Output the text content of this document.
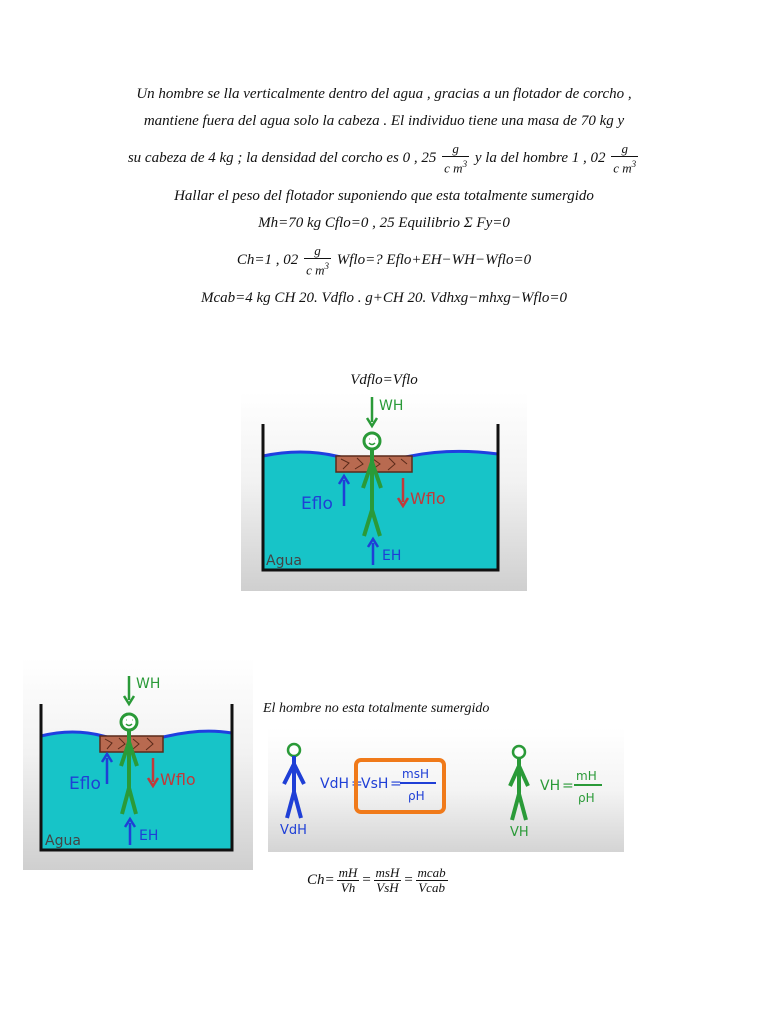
Un hombre se lla verticalmente dentro del agua , gracias a un flotador de corcho ,
mantiene fuera del agua solo la cabeza . El individuo tiene una masa de 70 kg y
su cabeza de 4 kg ; la densidad del corcho es 0 , $25 \frac{g}{c m^3}$ y la del hombre 1 , $02 \frac{g}{c m^3}$
Hallar el peso del flotador suponiendo que esta totalmente sumergido
Mh=70 kg Cflo=0 , 25 Equilibrio Σ Fy=0
Ch=1 , $02 \frac{g}{c m^3}$ Wflo=? Eflo+EH−WH−Wflo=0
Mcab=4 kg CH 20. Vdflo . g+CH 20. Vdhxg−mhxg−Wflo=0
Vdflo=Vflo
WH
Eflo	Wflo
EH
Agua
WH
Eflo	Wflo
EH
Agua
El hombre no esta totalmente sumergido
VdH
VdH =
VsH =
msH
ρH
VH
VH =
mH
ρH
$Ch= \frac{mH}{Vh} = \frac{\text{msH}}{\text{VsH}} = \frac{\text{mcab}}{\text{Vcab}}$
